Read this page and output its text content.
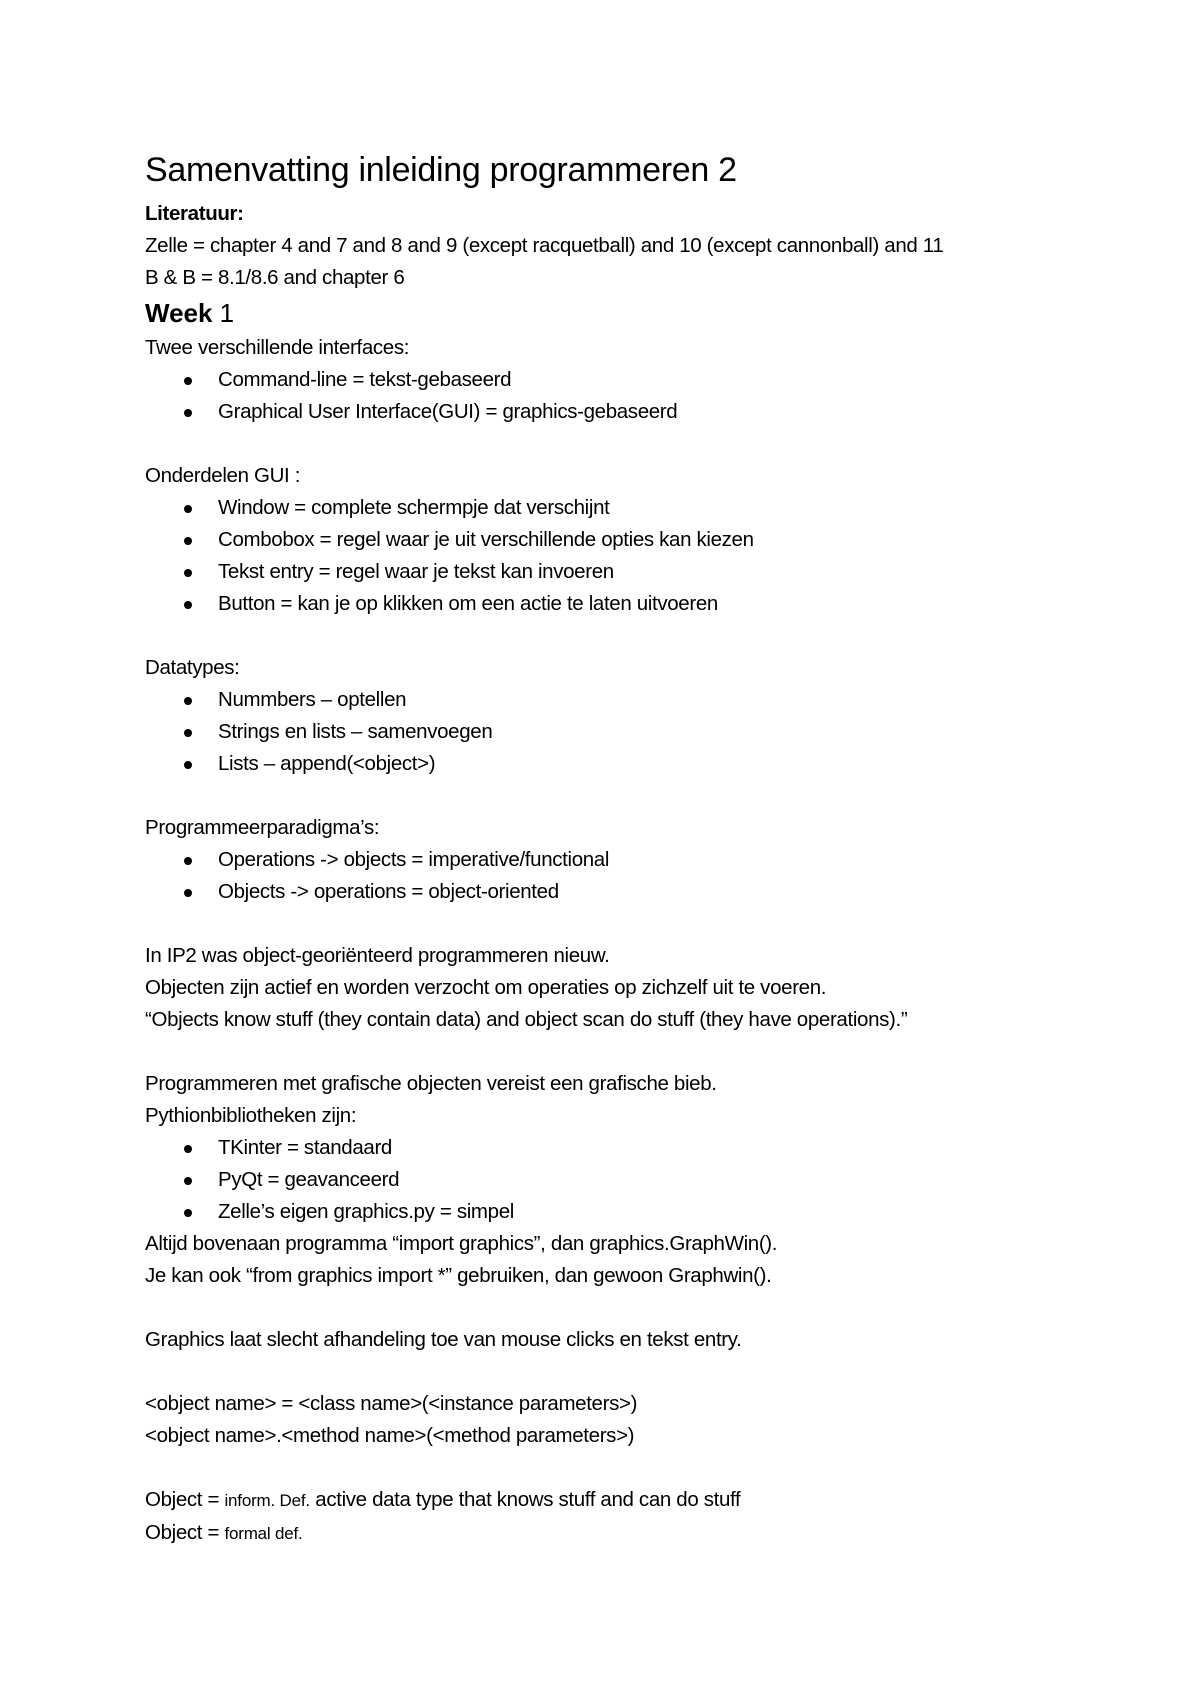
Samenvatting inleiding programmeren 2
Literatuur:
Zelle = chapter 4 and 7 and 8 and 9 (except racquetball) and 10 (except cannonball) and 11
B & B = 8.1/8.6 and chapter 6
Week 1
Twee verschillende interfaces:
Command-line = tekst-gebaseerd
Graphical User Interface(GUI) = graphics-gebaseerd
Onderdelen GUI :
Window = complete schermpje dat verschijnt
Combobox = regel waar je uit verschillende opties kan kiezen
Tekst entry = regel waar je tekst kan invoeren
Button = kan je op klikken om een actie te laten uitvoeren
Datatypes:
Nummbers – optellen
Strings en lists – samenvoegen
Lists – append(<object>)
Programmeerparadigma’s:
Operations -> objects = imperative/functional
Objects -> operations = object-oriented
In IP2 was object-georiënteerd programmeren nieuw.
Objecten zijn actief en worden verzocht om operaties op zichzelf uit te voeren.
“Objects know stuff (they contain data) and object scan do stuff (they have operations).”
Programmeren met grafische objecten vereist een grafische bieb.
Pythionbibliotheken zijn:
TKinter = standaard
PyQt = geavanceerd
Zelle’s eigen graphics.py = simpel
Altijd bovenaan programma “import graphics”, dan graphics.GraphWin().
Je kan ook “from graphics import *” gebruiken, dan gewoon Graphwin().
Graphics laat slecht afhandeling toe van mouse clicks en tekst entry.
<object name> = <class name>(<instance parameters>)
<object name>.<method name>(<method parameters>)
Object = inform. Def. active data type that knows stuff and can do stuff
Object = formal def.
